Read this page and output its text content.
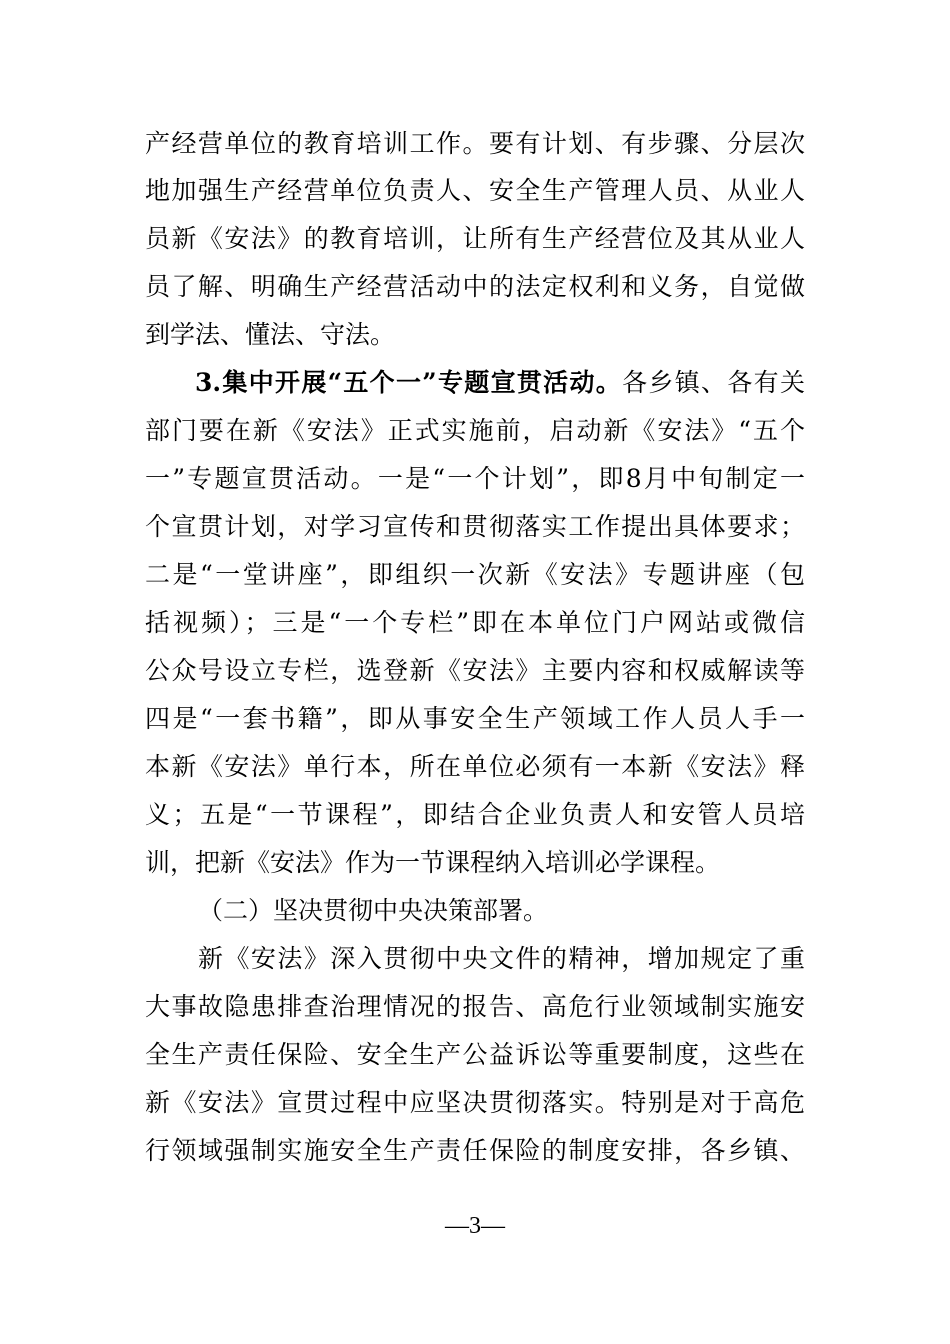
产经营单位的教育培训工作。要有计划、有步骤、分层次
地加强生产经营单位负责人、安全生产管理人员、从业人
员新《安法》的教育培训，让所有生产经营位及其从业人
员了解、明确生产经营活动中的法定权利和义务，自觉做
到学法、懂法、守法。
3.集中开展“五个一”专题宣贯活动。各乡镇、各有关
部门要在新《安法》正式实施前，启动新《安法》“五个
一”专题宣贯活动。一是“一个计划”，即8月中旬制定一
个宣贯计划，对学习宣传和贯彻落实工作提出具体要求；
二是“一堂讲座”，即组织一次新《安法》专题讲座（包
括视频）；三是“一个专栏”即在本单位门户网站或微信
公众号设立专栏，选登新《安法》主要内容和权威解读等
四是“一套书籍”，即从事安全生产领域工作人员人手一
本新《安法》单行本，所在单位必须有一本新《安法》释
义；五是“一节课程”，即结合企业负责人和安管人员培
训，把新《安法》作为一节课程纳入培训必学课程。
（二）坚决贯彻中央决策部署。
新《安法》深入贯彻中央文件的精神，增加规定了重
大事故隐患排查治理情况的报告、高危行业领域制实施安
全生产责任保险、安全生产公益诉讼等重要制度，这些在
新《安法》宣贯过程中应坚决贯彻落实。特别是对于高危
行领域强制实施安全生产责任保险的制度安排，各乡镇、
—3—
